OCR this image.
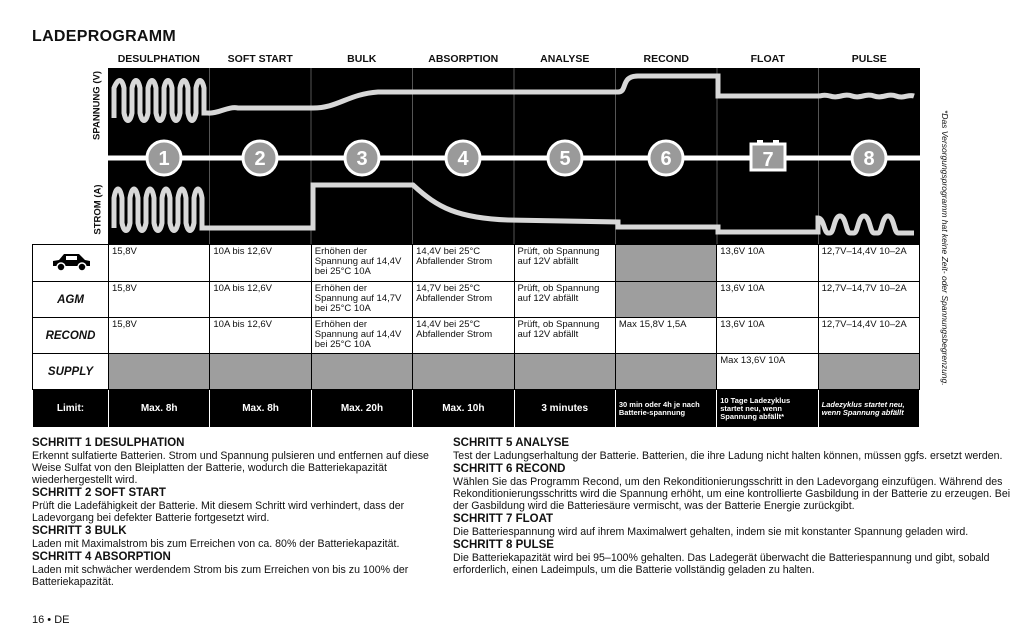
LADEPROGRAMM
DESULPHATION	SOFT START	BULK	ABSORPTION	ANALYSE	RECOND	FLOAT	PULSE
SPANNUNG (V)
STROM (A)
1	2	3	4	5	6	7	8	*Das Versorgungsprogramm hat keine Zeit- oder Spannungsbegrenzung.
	15,8V	10A bis 12,6V	Erhöhen der Spannung auf 14,4V bei 25°C 10A	14,4V bei 25°C Abfallender Strom	Prüft, ob Spannung auf 12V abfällt		13,6V 10A	12,7V–14,4V 10–2A
AGM	15,8V	10A bis 12,6V	Erhöhen der Spannung auf 14,7V bei 25°C 10A	14,7V bei 25°C Abfallender Strom	Prüft, ob Spannung auf 12V abfällt		13,6V 10A	12,7V–14,7V 10–2A
RECOND	15,8V	10A bis 12,6V	Erhöhen der Spannung auf 14,4V bei 25°C 10A	14,4V bei 25°C Abfallender Strom	Prüft, ob Spannung auf 12V abfällt	Max 15,8V 1,5A	13,6V 10A	12,7V–14,4V 10–2A
SUPPLY							Max 13,6V 10A	
Limit:	Max. 8h	Max. 8h	Max. 20h	Max. 10h	3 minutes	30 min oder 4h je nach Batterie-spannung	10 Tage Ladezyklus startet neu, wenn Spannung abfällt*	Ladezyklus startet neu, wenn Spannung abfällt
SCHRITT 1 DESULPHATION

Erkennt sulfatierte Batterien. Strom und Spannung pulsieren und entfernen auf diese Weise Sulfat von den Bleiplatten der Batterie, wodurch die Batteriekapazität wiederhergestellt wird.

SCHRITT 2 SOFT START

Prüft die Ladefähigkeit der Batterie. Mit diesem Schritt wird verhindert, dass der Ladevorgang bei defekter Batterie fortgesetzt wird.

SCHRITT 3 BULK

Laden mit Maximalstrom bis zum Erreichen von ca. 80% der Batteriekapazität.

SCHRITT 4 ABSORPTION

Laden mit schwächer werdendem Strom bis zum Erreichen von bis zu 100% der Batteriekapazität.

SCHRITT 5 ANALYSE

Test der Ladungserhaltung der Batterie. Batterien, die ihre Ladung nicht halten können, müssen ggfs. ersetzt werden.

SCHRITT 6 RECOND

Wählen Sie das Programm Recond, um den Rekonditionierungsschritt in den Ladevorgang einzufügen. Während des Rekonditionierungsschritts wird die Spannung erhöht, um eine kontrollierte Gasbildung in der Batterie zu erzeugen. Bei der Gasbildung wird die Batteriesäure vermischt, was der Batterie Energie zurückgibt.

SCHRITT 7 FLOAT

Die Batteriespannung wird auf ihrem Maximalwert gehalten, indem sie mit konstanter Spannung geladen wird.

SCHRITT 8 PULSE

Die Batteriekapazität wird bei 95–100% gehalten. Das Ladegerät überwacht die Batteriespannung und gibt, sobald erforderlich, einen Ladeimpuls, um die Batterie vollständig geladen zu halten.

16 • DE
